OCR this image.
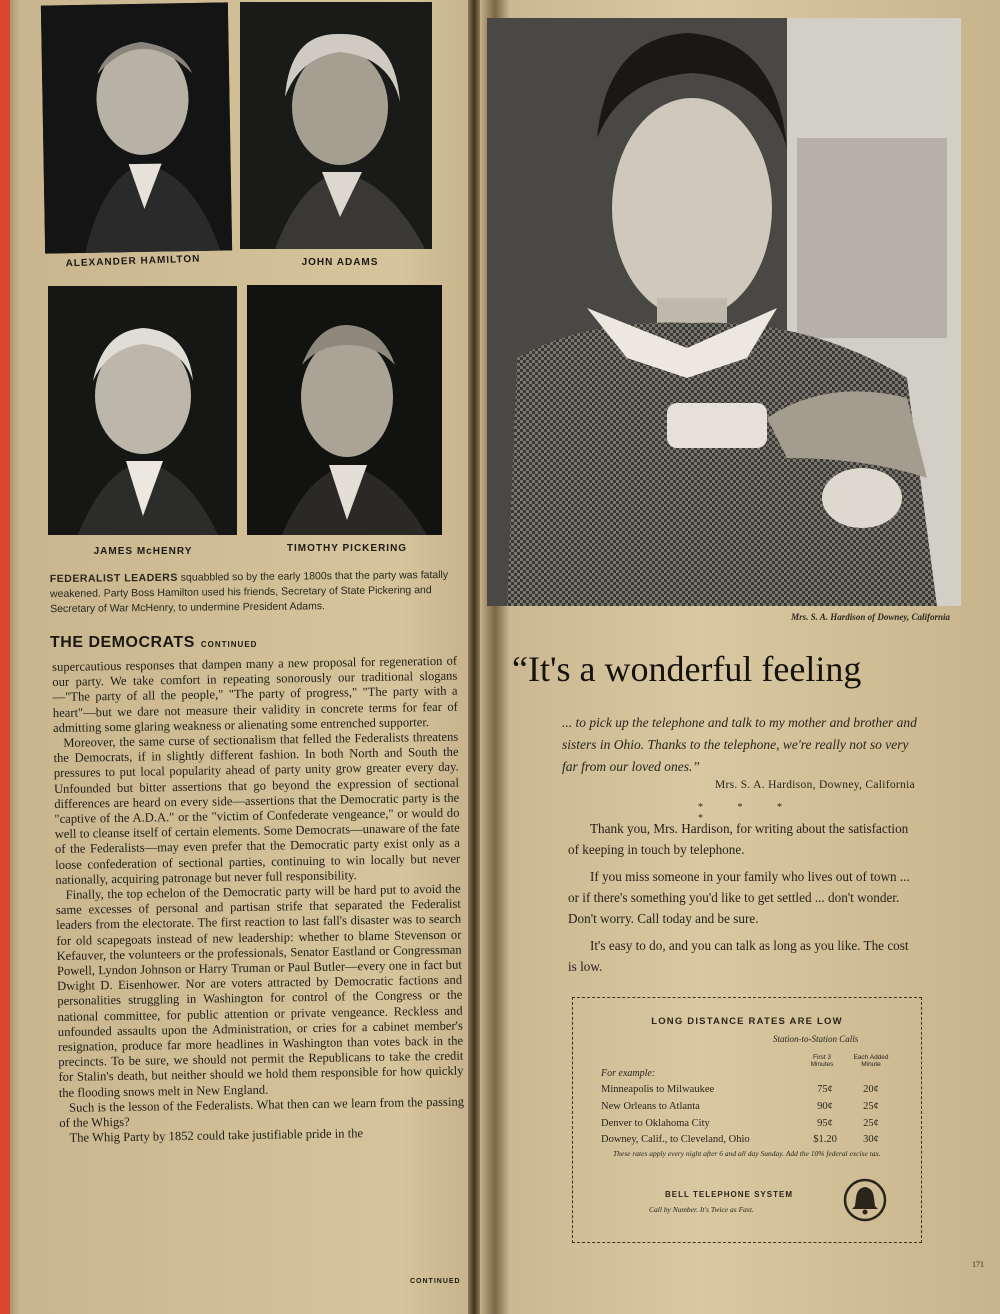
ALEXANDER HAMILTON	JOHN ADAMS
JAMES McHENRY	TIMOTHY PICKERING
FEDERALIST LEADERS squabbled so by the early 1800s that the party was fatally weakened. Party Boss Hamilton used his friends, Secretary of State Pickering and Secretary of War McHenry, to undermine President Adams.
THE DEMOCRATS CONTINUED

supercautious responses that dampen many a new proposal for regeneration of our party. We take comfort in repeating sonorously our traditional slogans—"The party of all the people," "The party of progress," "The party with a heart"—but we dare not measure their validity in concrete terms for fear of admitting some glaring weakness or alienating some entrenched supporter.

Moreover, the same curse of sectionalism that felled the Federalists threatens the Democrats, if in slightly different fashion. In both North and South the pressures to put local popularity ahead of party unity grow greater every day. Unfounded but bitter assertions that go beyond the expression of sectional differences are heard on every side—assertions that the Democratic party is the "captive of the A.D.A." or the "victim of Confederate vengeance," or would do well to cleanse itself of certain elements. Some Democrats—unaware of the fate of the Federalists—may even prefer that the Democratic party exist only as a loose confederation of sectional parties, continuing to win locally but never nationally, acquiring patronage but never full responsibility.

Finally, the top echelon of the Democratic party will be hard put to avoid the same excesses of personal and partisan strife that separated the Federalist leaders from the electorate. The first reaction to last fall's disaster was to search for old scapegoats instead of new leadership: whether to blame Stevenson or Kefauver, the volunteers or the professionals, Senator Eastland or Congressman Powell, Lyndon Johnson or Harry Truman or Paul Butler—every one in fact but Dwight D. Eisenhower. Nor are voters attracted by Democratic factions and personalities struggling in Washington for control of the Congress or the national committee, for public attention or private vengeance. Reckless and unfounded assaults upon the Administration, or cries for a cabinet member's resignation, produce far more headlines in Washington than votes back in the precincts. To be sure, we should not permit the Republicans to take the credit for Stalin's death, but neither should we hold them responsible for how quickly the flooding snows melt in New England.

Such is the lesson of the Federalists. What then can we learn from the passing of the Whigs?

The Whig Party by 1852 could take justifiable pride in the

CONTINUED
Mrs. S. A. Hardison of Downey, California
“It's a wonderful feeling
... to pick up the telephone and talk to my mother and brother and sisters in Ohio. Thanks to the telephone, we're really not so very far from our loved ones.”
Mrs. S. A. Hardison, Downey, California
* * * *

Thank you, Mrs. Hardison, for writing about the satisfaction of keeping in touch by telephone.

If you miss someone in your family who lives out of town ... or if there's something you'd like to get settled ... don't wonder. Don't worry. Call today and be sure.

It's easy to do, and you can talk as long as you like. The cost is low.

LONG DISTANCE RATES ARE LOW
Station-to-Station Calls
First 3 Minutes
Each Added Minute
For example:
Minneapolis to Milwaukee	75¢	20¢
New Orleans to Atlanta	90¢	25¢
Denver to Oklahoma City	95¢	25¢
Downey, Calif., to Cleveland, Ohio	$1.20	30¢
These rates apply every night after 6 and all day Sunday. Add the 10% federal excise tax.
BELL TELEPHONE SYSTEM
Call by Number. It's Twice as Fast.
171
